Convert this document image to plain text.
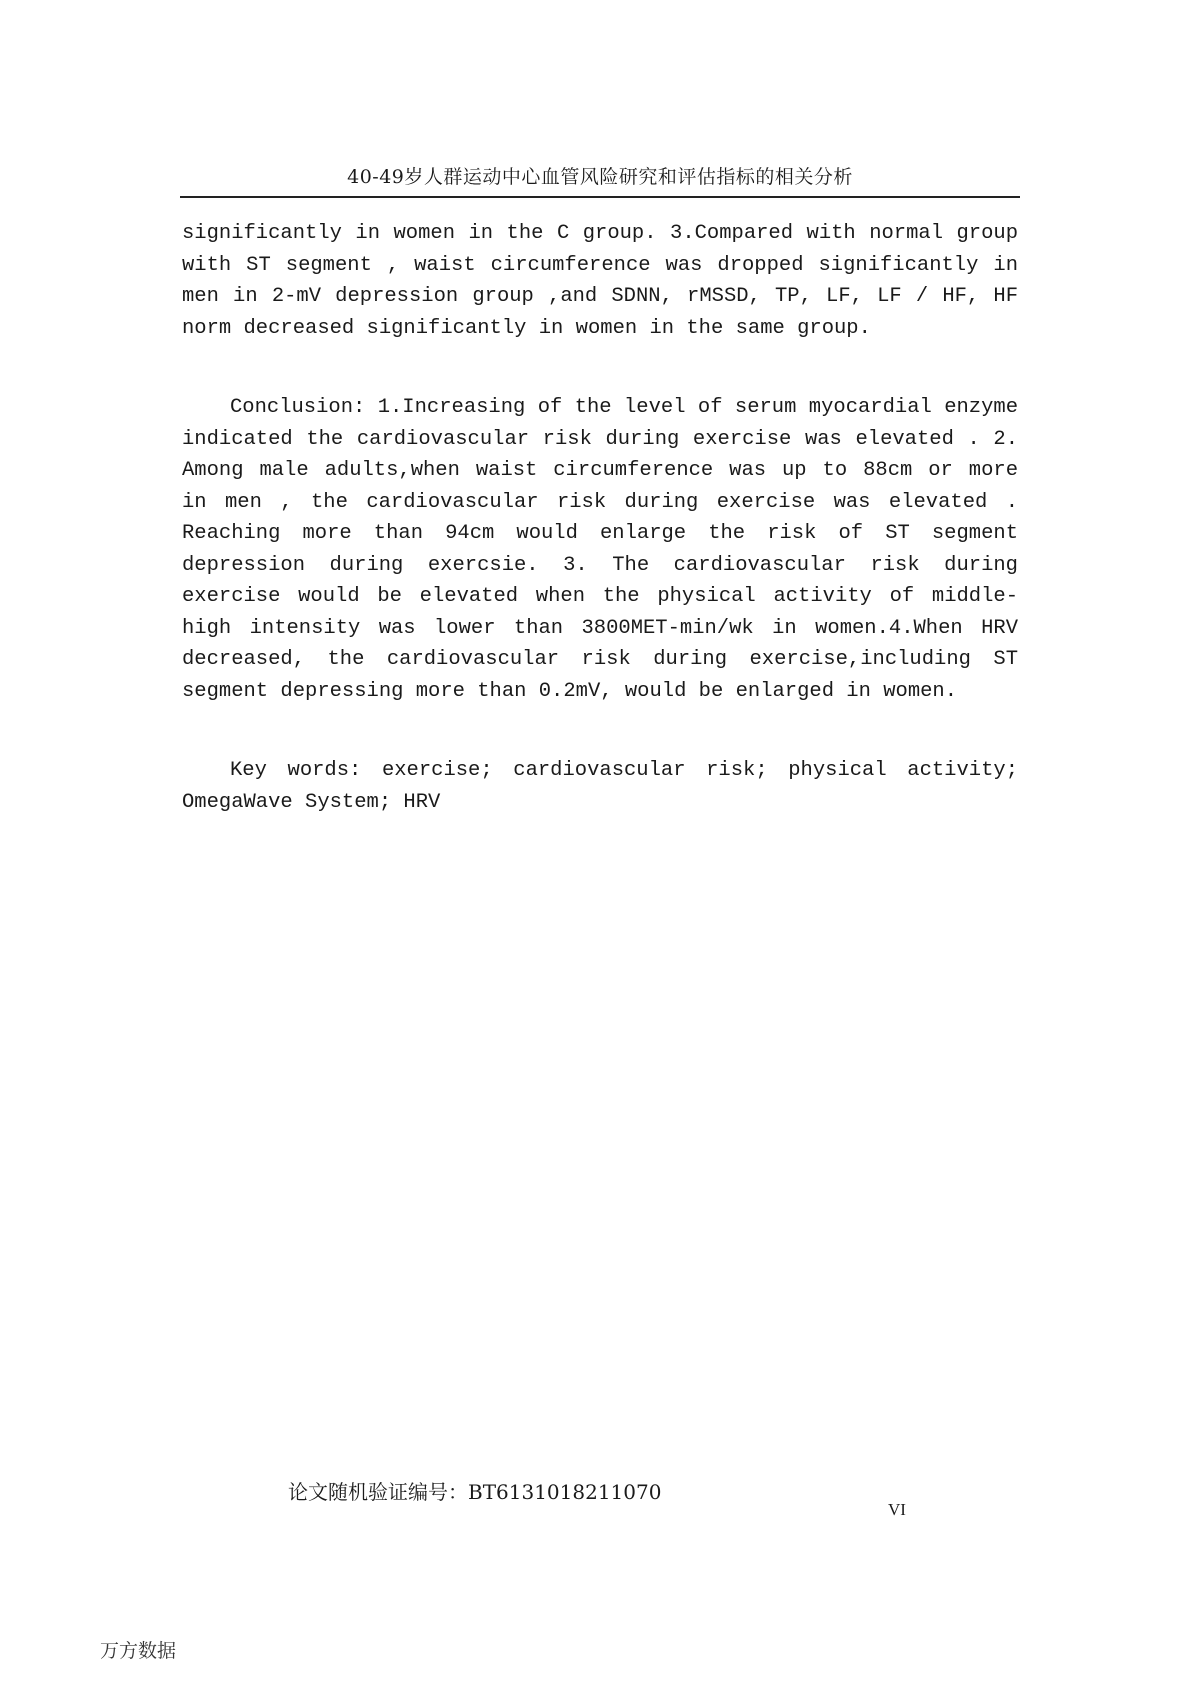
40-49岁人群运动中心血管风险研究和评估指标的相关分析

significantly in women in the C group. 3.Compared with normal group with ST segment , waist circumference was dropped significantly in men in 2-mV depression group ,and SDNN, rMSSD, TP, LF, LF / HF, HF norm decreased significantly in women in the same group.

Conclusion: 1.Increasing of the level of serum myocardial enzyme indicated the cardiovascular risk during exercise was elevated . 2. Among male adults,when waist circumference was up to 88cm or more in men , the cardiovascular risk during exercise was elevated . Reaching more than 94cm would enlarge the risk of ST segment depression during exercsie. 3. The cardiovascular risk during exercise would be elevated when the physical activity of middle-high intensity was lower than 3800MET-min/wk in women.4.When HRV decreased, the cardiovascular risk during exercise,including ST segment depressing more than 0.2mV, would be enlarged in women.

Key words: exercise; cardiovascular risk; physical activity; OmegaWave System; HRV

论文随机验证编号：BT6131018211070
VI
万方数据
